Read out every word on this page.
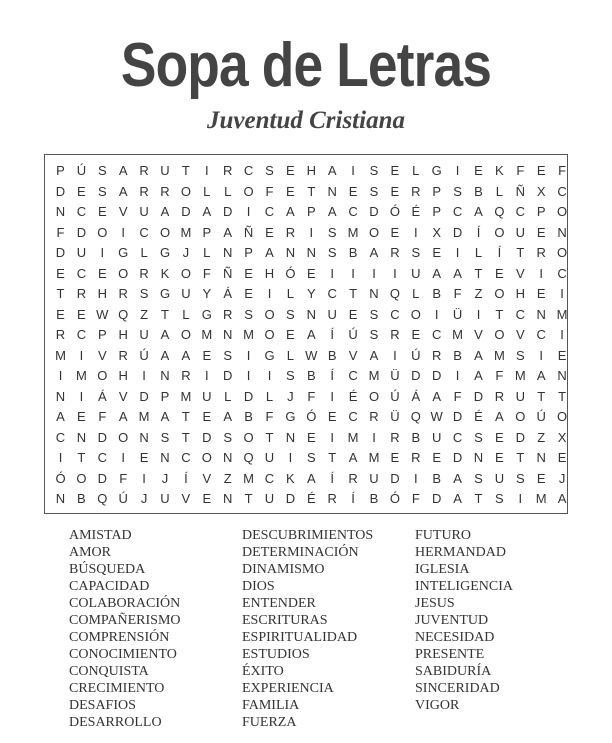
Sopa de Letras
Juventud Cristiana
P Ú S A R U T	I	R C S E H A	I	S E L G	I	E K F E F
D E S A R R O L	L O F E T N E S E R P S B L Ñ X C
N C E V U A D A D	I	C A P A C D Ó É P C A Q C P O
F D O	I	C O M P A Ñ E R	I	S M O E	I	X D	Í	O U E N
D U	I	G L G J	L N P A N N S B A R S E	I	L	Í	T R O
E C E O R K O F Ñ E H Ó E	I	I	I	I	U A A T E V	I	C
T R H R S G U Y Á E	I	L Y C T N Q L B F Z O H E	I
E E W Q Z T	L G R S O S N U E S C O	I	Ü	I	T C N M
R C P H U A O M N M O E A	Í	Ú S R E C M V O V C	I
M	I	V R Ú A A E S	I	G L W B V A	I	Ú R B A M S	I	E
I	M O H	I	N R	I	D	I	I	S B	Í	C M Ü D D	I	A F M A N
N	I	Á V D P M U L D L	J	F	I	É O Ú Á A F D R U T T
A E F A M A T E A B F G Ó E C R Ü Q W D É A O Ú O
C N D O N S T D S O T N E	I	M	I	R B U C S E D Z X
I	T C	I	E N C O N Q U	I	S T A M E R E D N E T N E
Ó O D F	I	J	Í	V Z M C K A	Í	R U D	I	B A S U S E	J
N B Q Ú J U V E N T U D É R	Í	B Ó F D A T S	I	M A
AMISTAD
AMOR
BÚSQUEDA
CAPACIDAD
COLABORACIÓN
COMPAÑERISMO
COMPRENSIÓN
CONOCIMIENTO
CONQUISTA
CRECIMIENTO
DESAFIOS
DESARROLLO
DESCUBRIMIENTOS
DETERMINACIÓN
DINAMISMO
DIOS
ENTENDER
ESCRITURAS
ESPIRITUALIDAD
ESTUDIOS
ÉXITO
EXPERIENCIA
FAMILIA
FUERZA
FUTURO
HERMANDAD
IGLESIA
INTELIGENCIA
JESUS
JUVENTUD
NECESIDAD
PRESENTE
SABIDURÍA
SINCERIDAD
VIGOR
